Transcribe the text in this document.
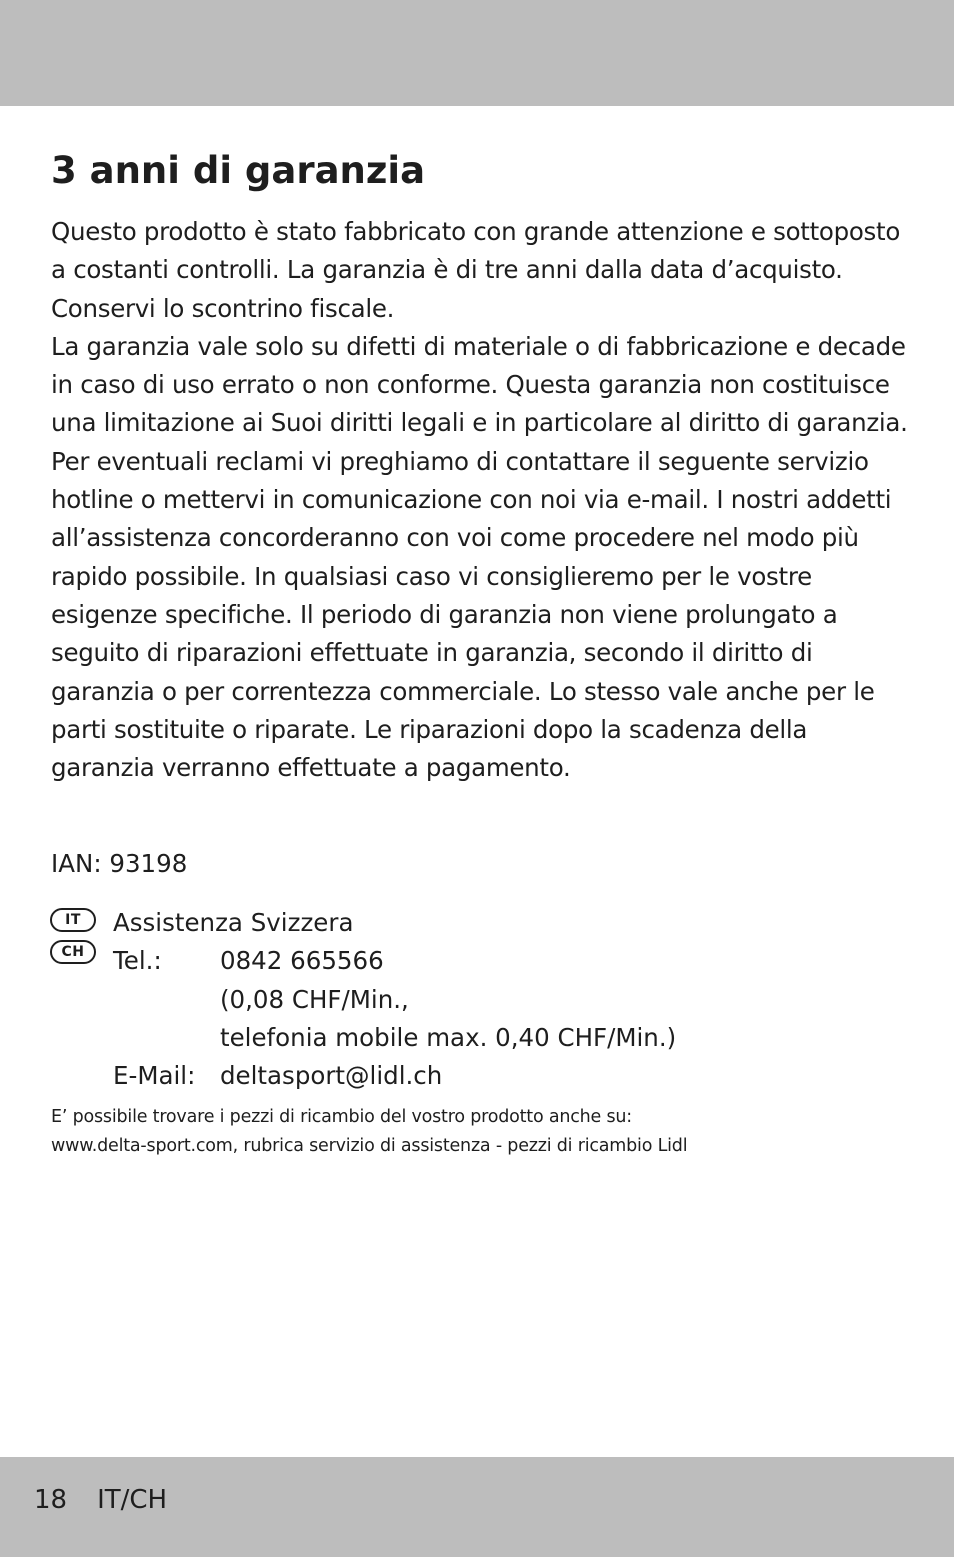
3 anni di garanzia

Questo prodotto è stato fabbricato con grande attenzione e sottoposto a costanti controlli. La garanzia è di tre anni dalla data d’acquisto. Conservi lo scontrino fiscale.

La garanzia vale solo su difetti di materiale o di fabbricazione e decade in caso di uso errato o non conforme. Questa garanzia non costituisce una limitazione ai Suoi diritti legali e in particolare al diritto di garanzia.

Per eventuali reclami vi preghiamo di contattare il seguente servizio hotline o mettervi in comunicazione con noi via e-mail. I nostri addetti all’assistenza concorderanno con voi come procedere nel modo più rapido possibile. In qualsiasi caso vi consiglieremo per le vostre esigenze specifiche. Il periodo di garanzia non viene prolungato a seguito di riparazioni effettuate in garanzia, secondo il diritto di garanzia o per correntezza commerciale. Lo stesso vale anche per le parti sostituite o riparate. Le riparazioni dopo la scadenza della garanzia verranno effettuate a pagamento.

IAN: 93198
IT
CH
Assistenza Svizzera
Tel.:	0842 665566
(0,08 CHF/Min.,
telefonia mobile max. 0,40 CHF/Min.)
E-Mail:	deltasport@lidl.ch
E’ possibile trovare i pezzi di ricambio del vostro prodotto anche su:
www.delta-sport.com, rubrica servizio di assistenza - pezzi di ricambio Lidl
18 IT/CH
